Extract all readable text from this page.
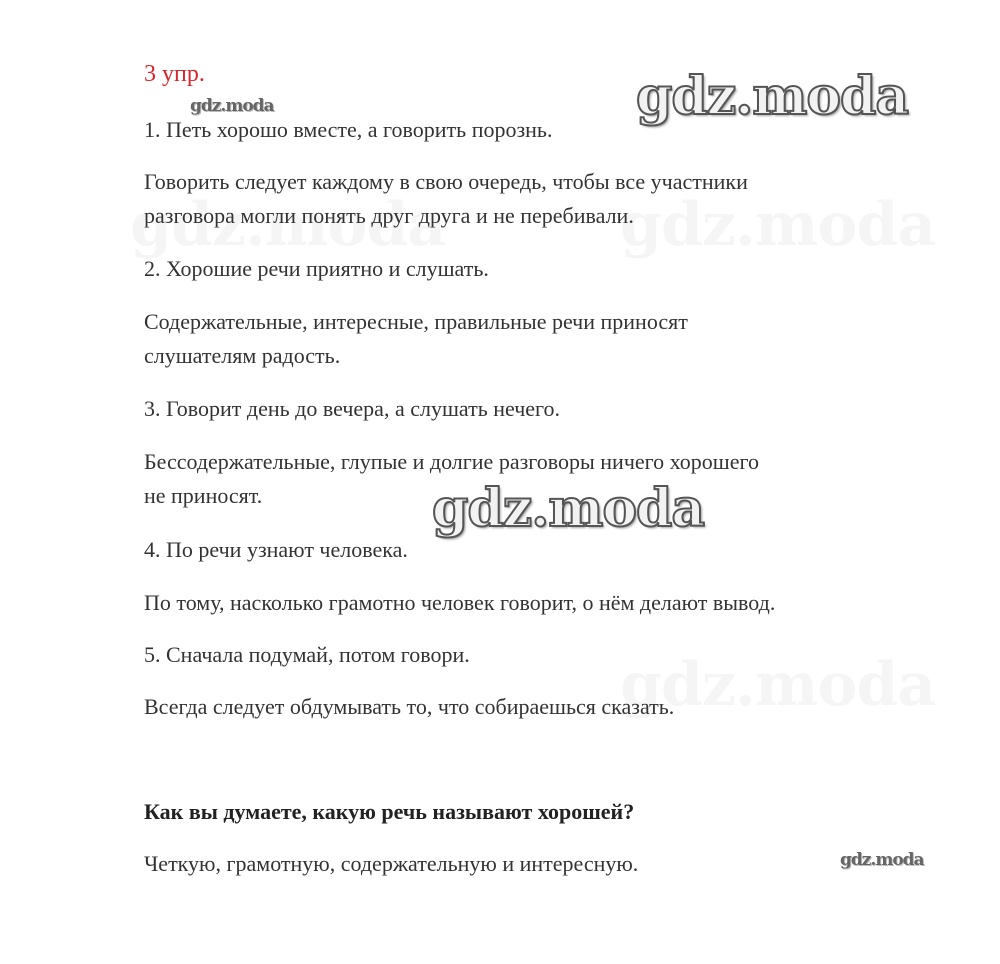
3 упр.
1. Петь хорошо вместе, а говорить порознь.
Говорить следует каждому в свою очередь, чтобы все участники
разговора могли понять друг друга и не перебивали.
2. Хорошие речи приятно и слушать.
Содержательные, интересные, правильные речи приносят
слушателям радость.
3. Говорит день до вечера, а слушать нечего.
Бессодержательные, глупые и долгие разговоры ничего хорошего
не приносят.
4. По речи узнают человека.
По тому, насколько грамотно человек говорит, о нём делают вывод.
5. Сначала подумай, потом говори.
Всегда следует обдумывать то, что собираешься сказать.
Как вы думаете, какую речь называют хорошей?
Четкую, грамотную, содержательную и интересную.
gdz.moda	gdz.moda
gdz.moda
gdz.moda
